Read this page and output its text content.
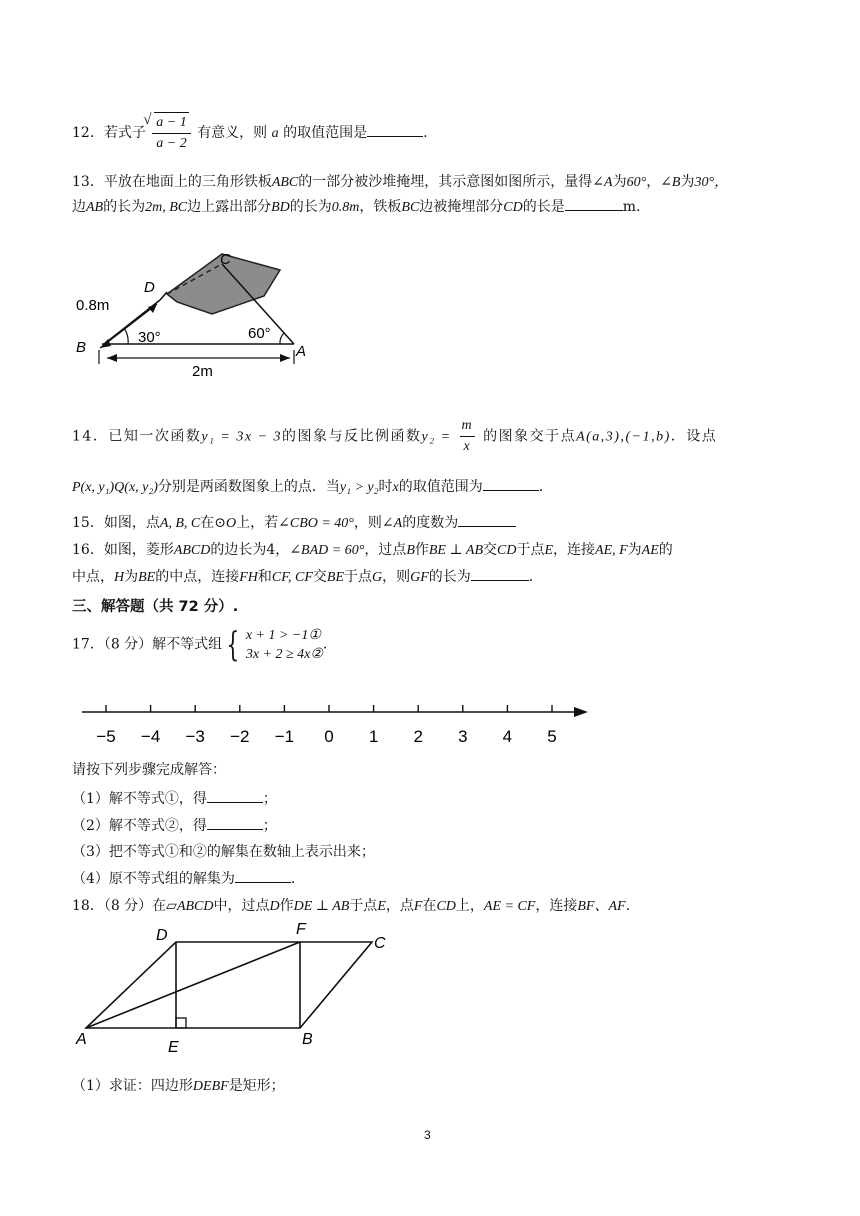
12．若式子
√ $\frac{a - 1}{a - 2}$ 有意义，则 a 的取值范围是	.
13．平放在地面上的三角形铁板ABC的一部分被沙堆掩埋，其示意图如图所示，量得∠A为60°，∠B为30°，
边AB的长为2m, BC边上露出部分BD的长为0.8m，铁板BC边被掩埋部分CD的长是	m.
C
D
B	A
0.8m
30°	60°
2m
14．已知一次函数y₁ = 3x − 3的图象与反比例函数$y_2 = \frac{m}{x}$ 的图象交于点A(a,3),(−1,b)．设点
P(x, y₁)Q(x, y₂)分别是两函数图象上的点．当y₁ > y₂时x的取值范围为	.
15．如图，点A, B, C在⊙O上，若∠CBO = 40°，则∠A的度数为
16．如图，菱形ABCD的边长为4，∠BAD = 60°，过点B作BE ⊥ AB交CD于点E，连接AE, F为AE的
中点，H为BE的中点，连接FH和CF, CF交BE于点G，则GF的长为	.
三、解答题（共 72 分）.
17．（8 分）解不等式组 { x + 1 > −1①
3x + 2 ≥ 4x②
.
−5 −4 −3 −2 −1 0 1 2 3 4 5
请按下列步骤完成解答：
（1）解不等式①，得	；
（2）解不等式②，得	；
（3）把不等式①和②的解集在数轴上表示出来；
（4）原不等式组的解集为	.
18．（8 分）在▱ABCD中，过点D作DE ⊥ AB于点E，点F在CD上，AE = CF，连接BF、AF.
D	F
C
A	E	B
（1）求证：四边形DEBF是矩形；
3
